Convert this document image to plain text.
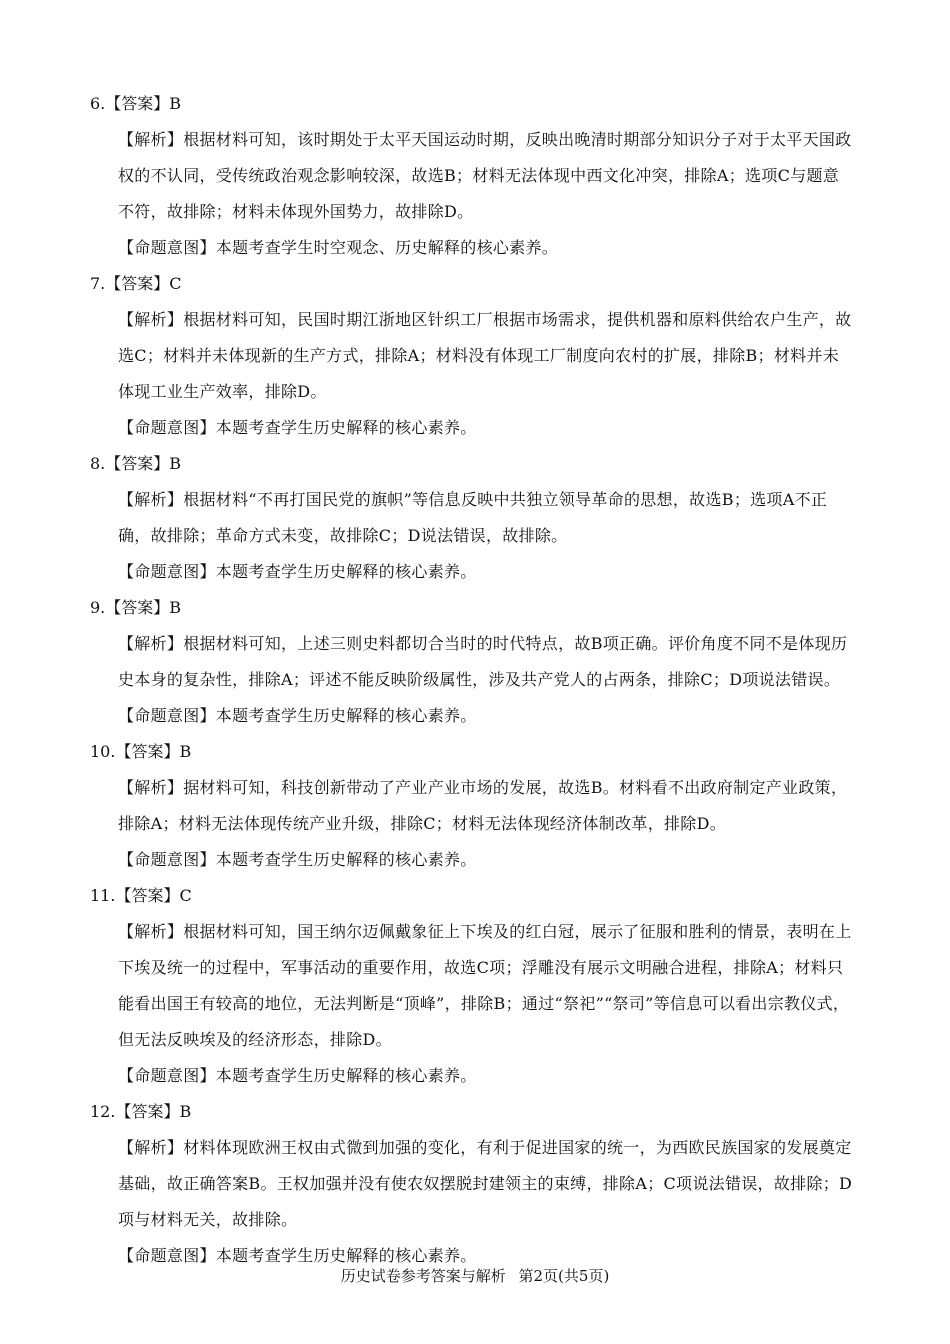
6.【答案】B

【解析】根据材料可知，该时期处于太平天国运动时期，反映出晚清时期部分知识分子对于太平天国政权的不认同，受传统政治观念影响较深，故选B；材料无法体现中西文化冲突，排除A；选项C与题意不符，故排除；材料未体现外国势力，故排除D。

【命题意图】本题考查学生时空观念、历史解释的核心素养。

7.【答案】C

【解析】根据材料可知，民国时期江浙地区针织工厂根据市场需求，提供机器和原料供给农户生产，故选C；材料并未体现新的生产方式，排除A；材料没有体现工厂制度向农村的扩展，排除B；材料并未体现工业生产效率，排除D。

【命题意图】本题考查学生历史解释的核心素养。

8.【答案】B

【解析】根据材料“不再打国民党的旗帜”等信息反映中共独立领导革命的思想，故选B；选项A不正确，故排除；革命方式未变，故排除C；D说法错误，故排除。

【命题意图】本题考查学生历史解释的核心素养。

9.【答案】B

【解析】根据材料可知，上述三则史料都切合当时的时代特点，故B项正确。评价角度不同不是体现历史本身的复杂性，排除A；评述不能反映阶级属性，涉及共产党人的占两条，排除C；D项说法错误。

【命题意图】本题考查学生历史解释的核心素养。

10.【答案】B

【解析】据材料可知，科技创新带动了产业产业市场的发展，故选B。材料看不出政府制定产业政策，排除A；材料无法体现传统产业升级，排除C；材料无法体现经济体制改革，排除D。

【命题意图】本题考查学生历史解释的核心素养。

11.【答案】C

【解析】根据材料可知，国王纳尔迈佩戴象征上下埃及的红白冠，展示了征服和胜利的情景，表明在上下埃及统一的过程中，军事活动的重要作用，故选C项；浮雕没有展示文明融合进程，排除A；材料只能看出国王有较高的地位，无法判断是“顶峰”，排除B；通过“祭祀”“祭司”等信息可以看出宗教仪式，但无法反映埃及的经济形态，排除D。

【命题意图】本题考查学生历史解释的核心素养。

12.【答案】B

【解析】材料体现欧洲王权由式微到加强的变化，有利于促进国家的统一，为西欧民族国家的发展奠定基础，故正确答案B。王权加强并没有使农奴摆脱封建领主的束缚，排除A；C项说法错误，故排除；D项与材料无关，故排除。

【命题意图】本题考查学生历史解释的核心素养。

历史试卷参考答案与解析 第2页(共5页)
